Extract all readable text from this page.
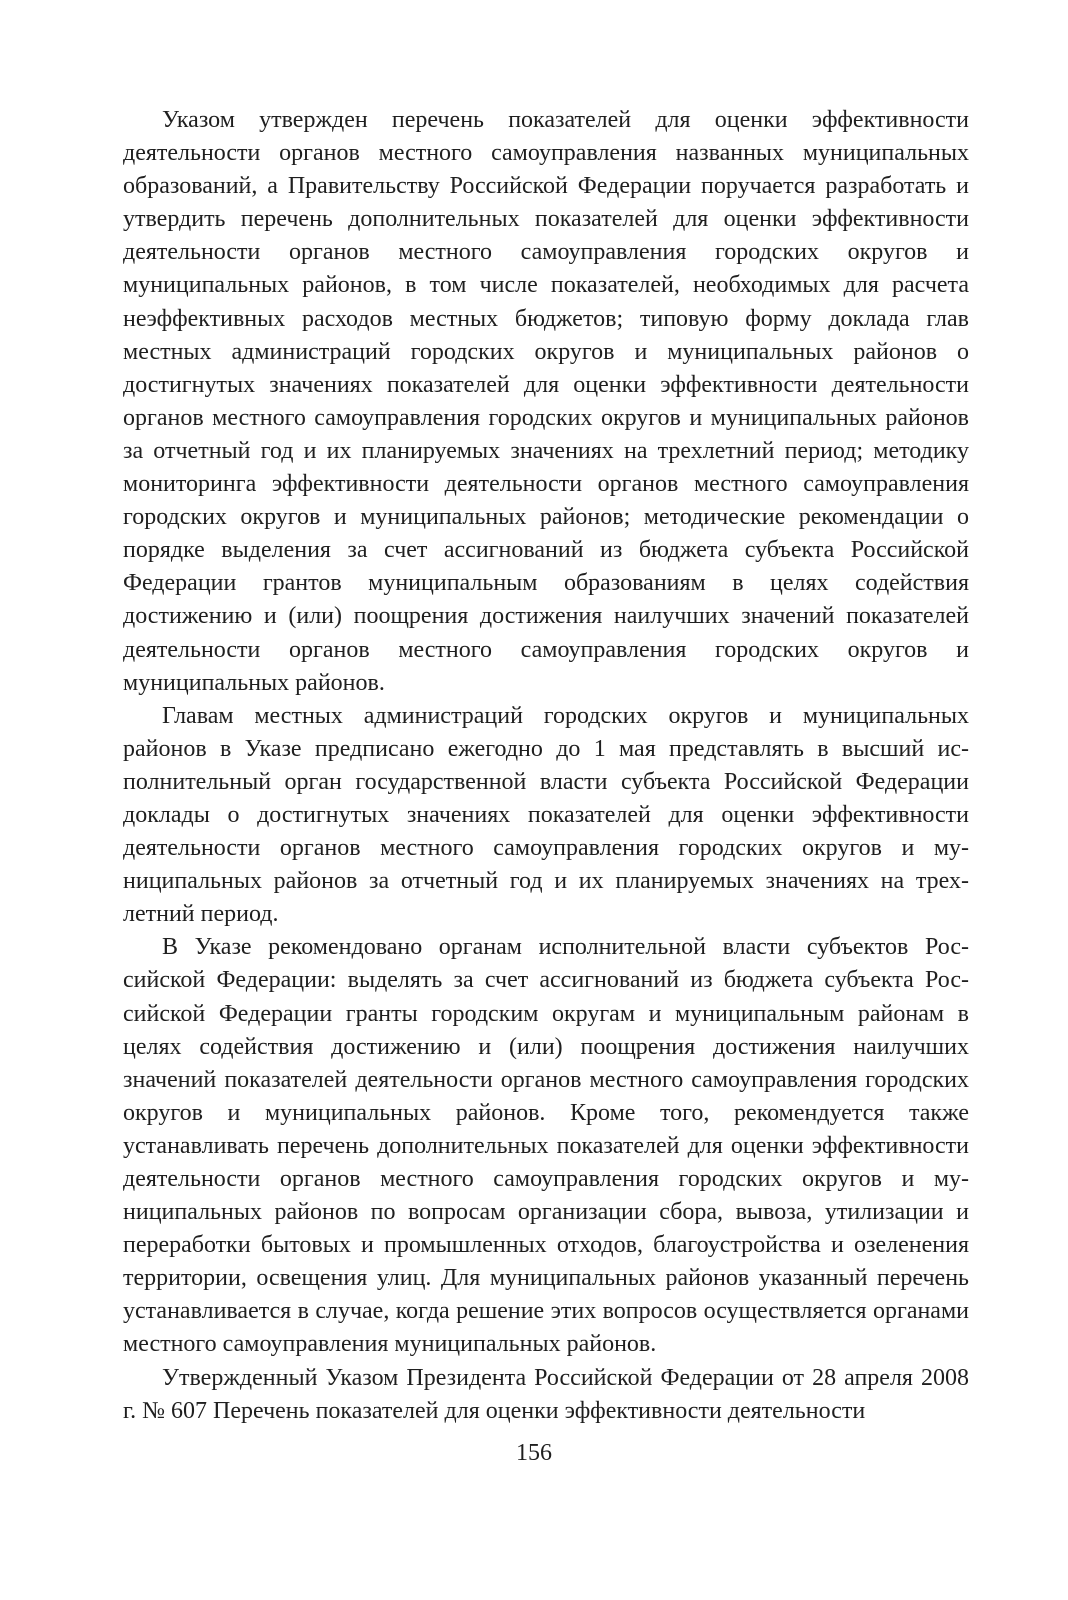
Указом утвержден перечень показателей для оценки эффективности деятельности органов местного самоуправления названных муниципальных образований, а Правительству Российской Федерации поручается разработать и утвердить перечень дополнительных показателей для оценки эффективности деятельности органов местного самоуправления городских округов и муниципальных районов, в том числе показателей, необходимых для расчета неэффективных расходов местных бюджетов; типовую форму доклада глав местных администраций городских округов и муниципальных районов о достигнутых значениях показателей для оценки эффективности деятельности органов местного самоуправления городских округов и муниципальных районов за отчетный год и их планируемых значениях на трехлетний период; методику мониторинга эффективности деятельности органов местного самоуправления городских округов и муниципальных районов; методические рекомендации о порядке выделения за счет ассигнований из бюджета субъекта Российской Федерации грантов муниципальным образованиям в целях содействия достижению и (или) поощрения достижения наилучших значений показателей деятельности органов местного самоуправления городских округов и муниципальных районов.

Главам местных администраций городских округов и муниципальных районов в Указе предписано ежегодно до 1 мая представлять в высший исполнительный орган государственной власти субъекта Российской Федерации доклады о достигнутых значениях показателей для оценки эффективности деятельности органов местного самоуправления городских округов и муниципальных районов за отчетный год и их планируемых значениях на трехлетний период.

В Указе рекомендовано органам исполнительной власти субъектов Российской Федерации: выделять за счет ассигнований из бюджета субъекта Российской Федерации гранты городским округам и муниципальным районам в целях содействия достижению и (или) поощрения достижения наилучших значений показателей деятельности органов местного самоуправления городских округов и муниципальных районов. Кроме того, рекомендуется также устанавливать перечень дополнительных показателей для оценки эффективности деятельности органов местного самоуправления городских округов и муниципальных районов по вопросам организации сбора, вывоза, утилизации и переработки бытовых и промышленных отходов, благоустройства и озеленения территории, освещения улиц. Для муниципальных районов указанный перечень устанавливается в случае, когда решение этих вопросов осуществляется органами местного самоуправления муниципальных районов.

Утвержденный Указом Президента Российской Федерации от 28 апреля 2008 г. № 607 Перечень показателей для оценки эффективности деятельности

156
